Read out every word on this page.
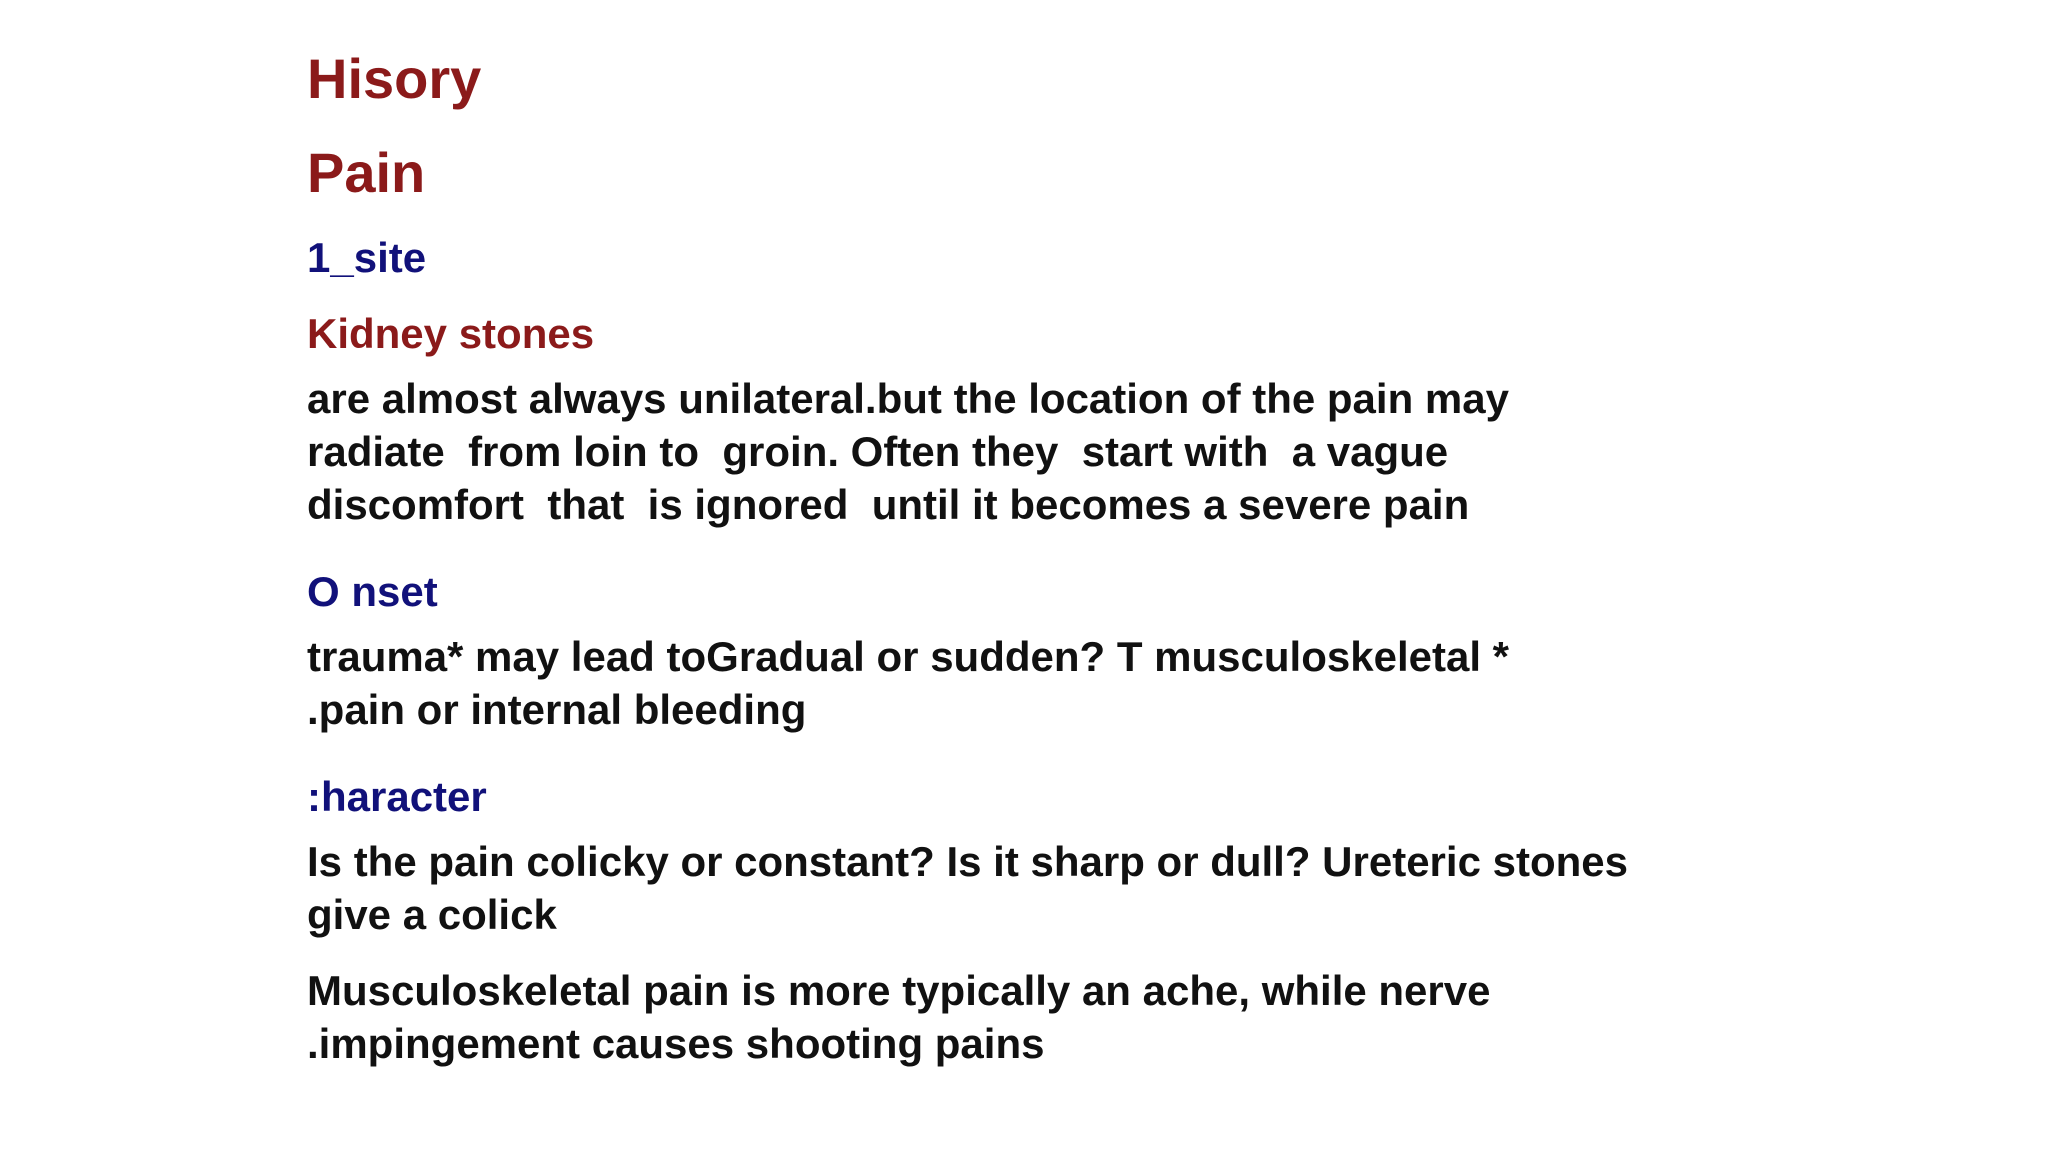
Hisory
Pain
1_site
Kidney stones
are almost always unilateral.but the location of the pain may
radiate  from loin to  groin. Often they  start with  a vague
discomfort  that  is ignored  until it becomes a severe pain
O nset
trauma* may lead toGradual or sudden? T musculoskeletal *
.pain or internal bleeding
:haracter
Is the pain colicky or constant? Is it sharp or dull? Ureteric stones
give a colick
Musculoskeletal pain is more typically an ache, while nerve
.impingement causes shooting pains
